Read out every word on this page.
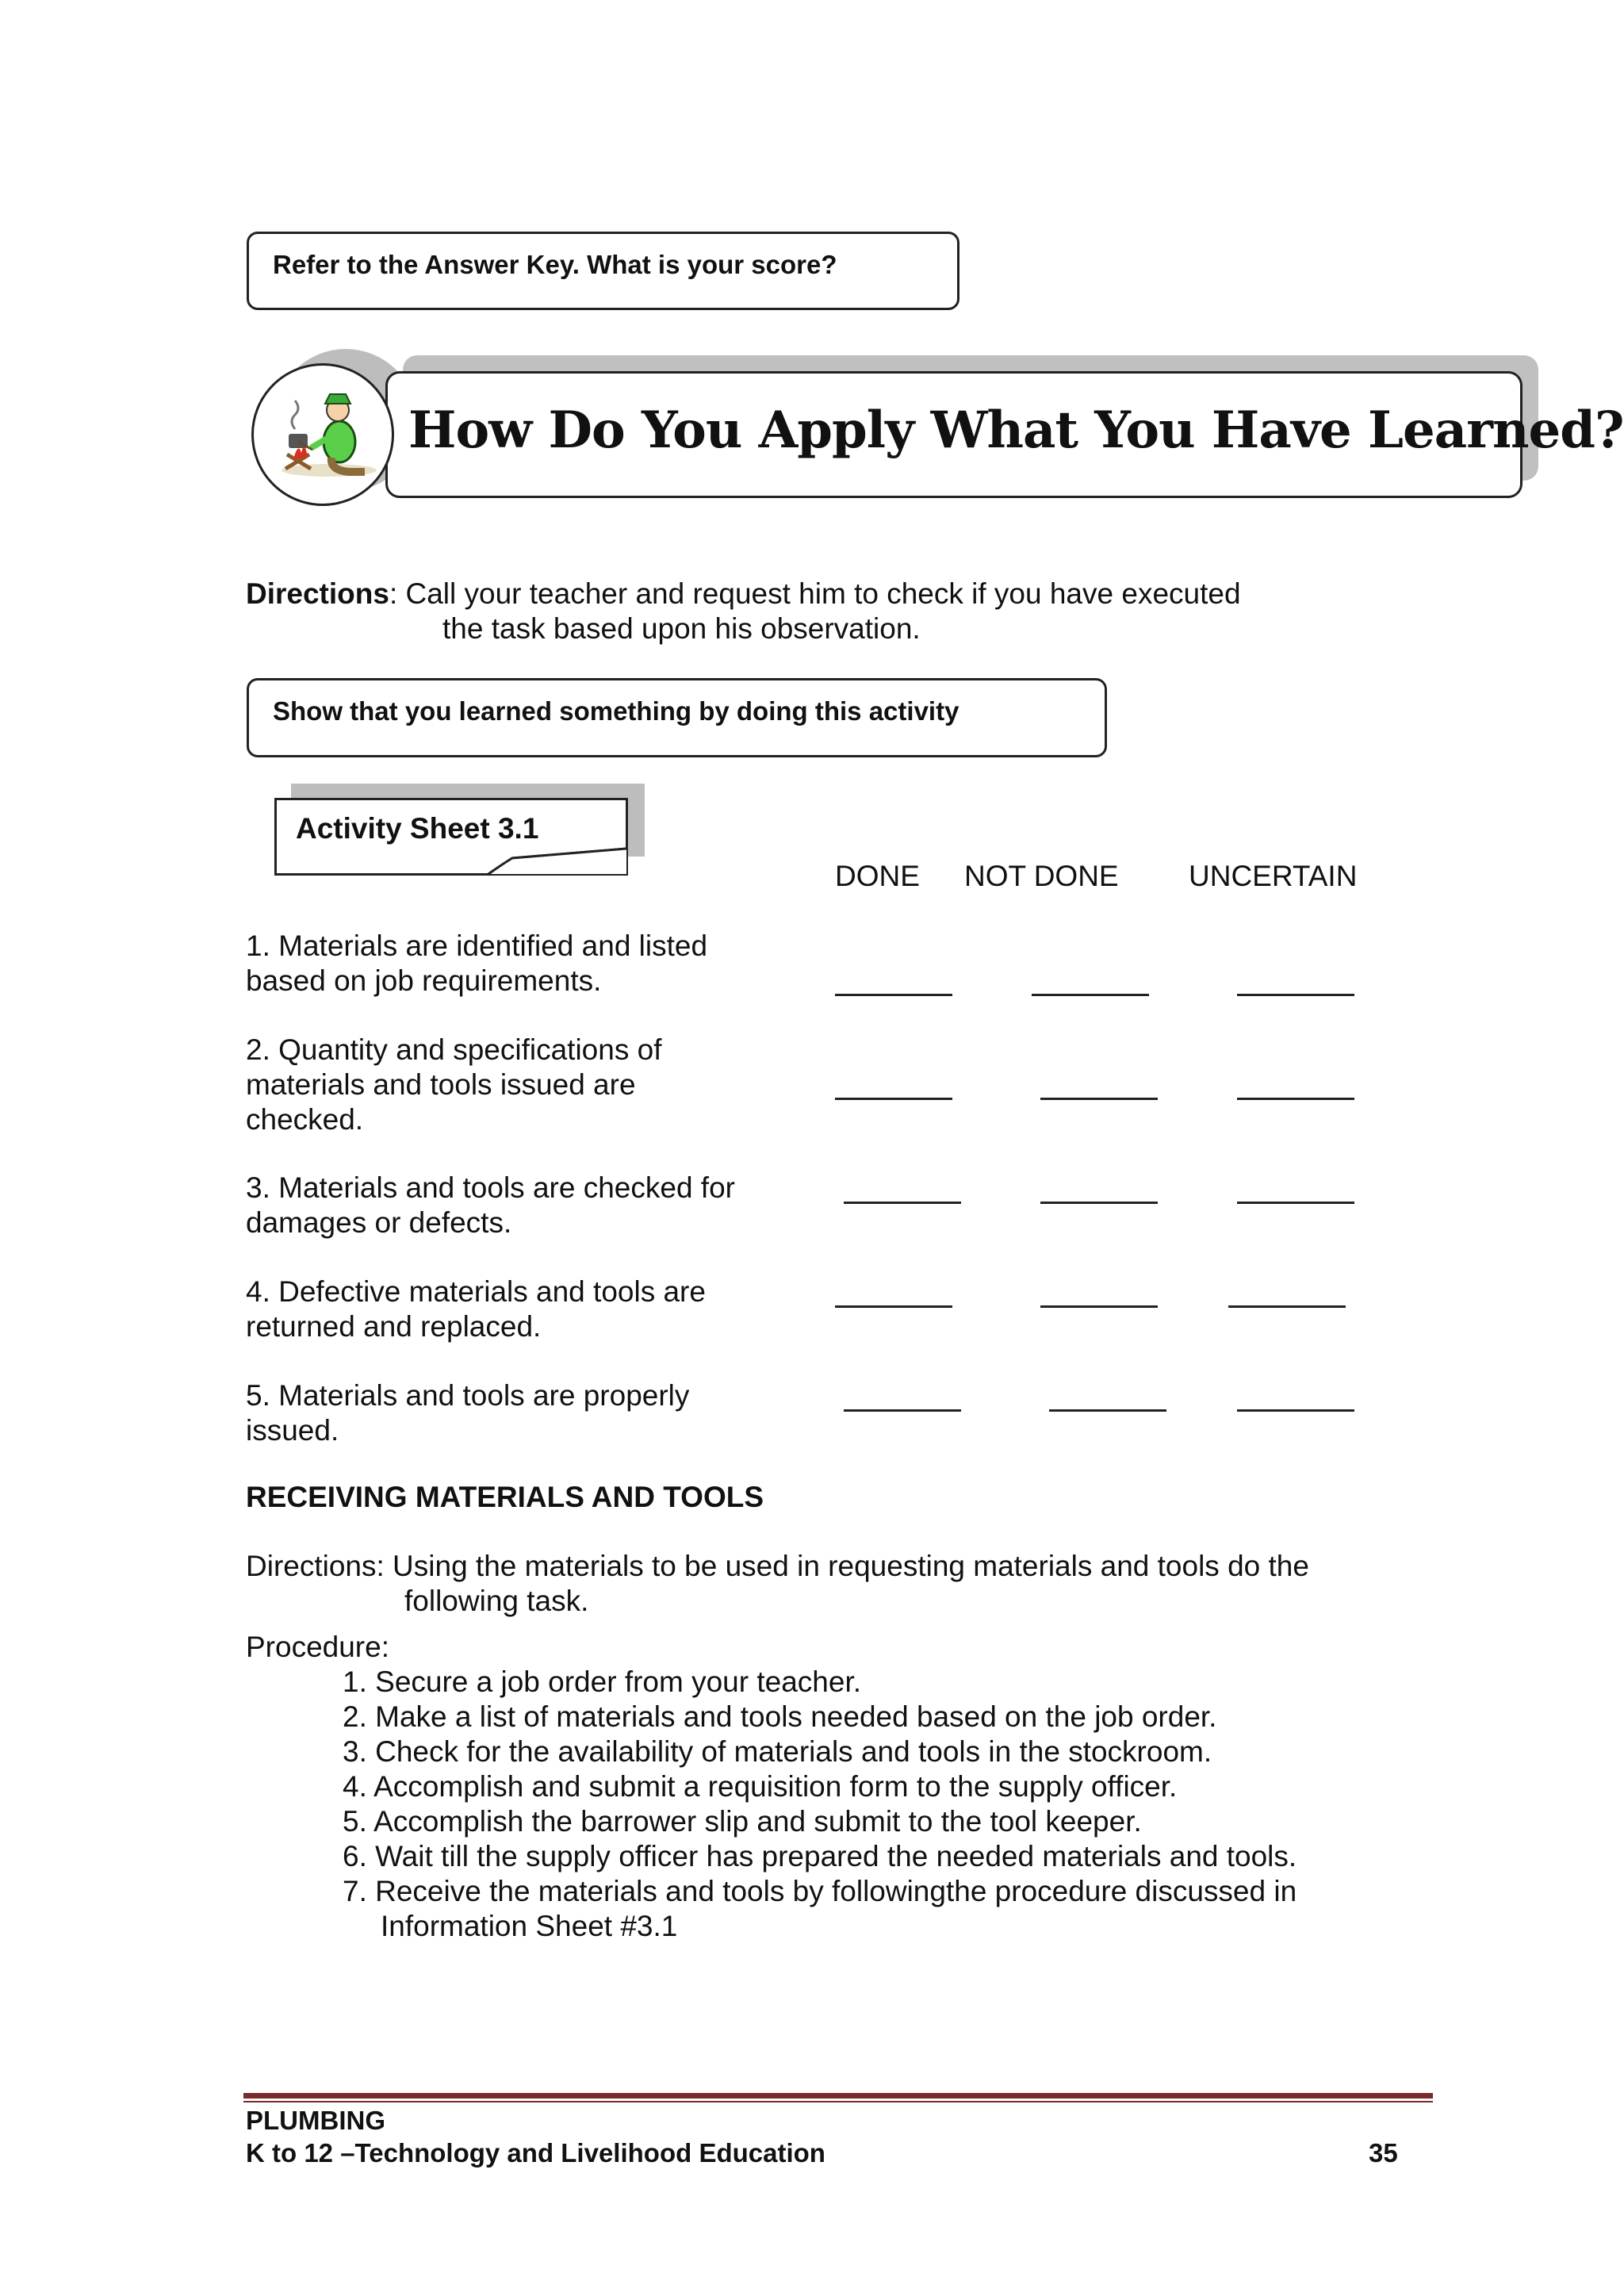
Refer to the Answer Key. What is your score?
How Do You Apply What You Have Learned?
Directions: Call your teacher and request him to check if you have executed
the task based upon his observation.
Show that you learned something by doing this activity
Activity Sheet 3.1
DONE NOT DONE UNCERTAIN
1. Materials are identified and listed
based on job requirements.
2. Quantity and specifications of
materials and tools issued are
checked.
3. Materials and tools are checked for
damages or defects.
4. Defective materials and tools are
returned and replaced.
5. Materials and tools are properly
issued.
RECEIVING MATERIALS AND TOOLS
Directions: Using the materials to be used in requesting materials and tools do the
following task.
Procedure:
1. Secure a job order from your teacher.
2. Make a list of materials and tools needed based on the job order.
3. Check for the availability of materials and tools in the stockroom.
4. Accomplish and submit a requisition form to the supply officer.
5. Accomplish the barrower slip and submit to the tool keeper.
6. Wait till the supply officer has prepared the needed materials and tools.
7. Receive the materials and tools by followingthe procedure discussed in
Information Sheet #3.1
PLUMBING
K to 12 –Technology and Livelihood Education	35
